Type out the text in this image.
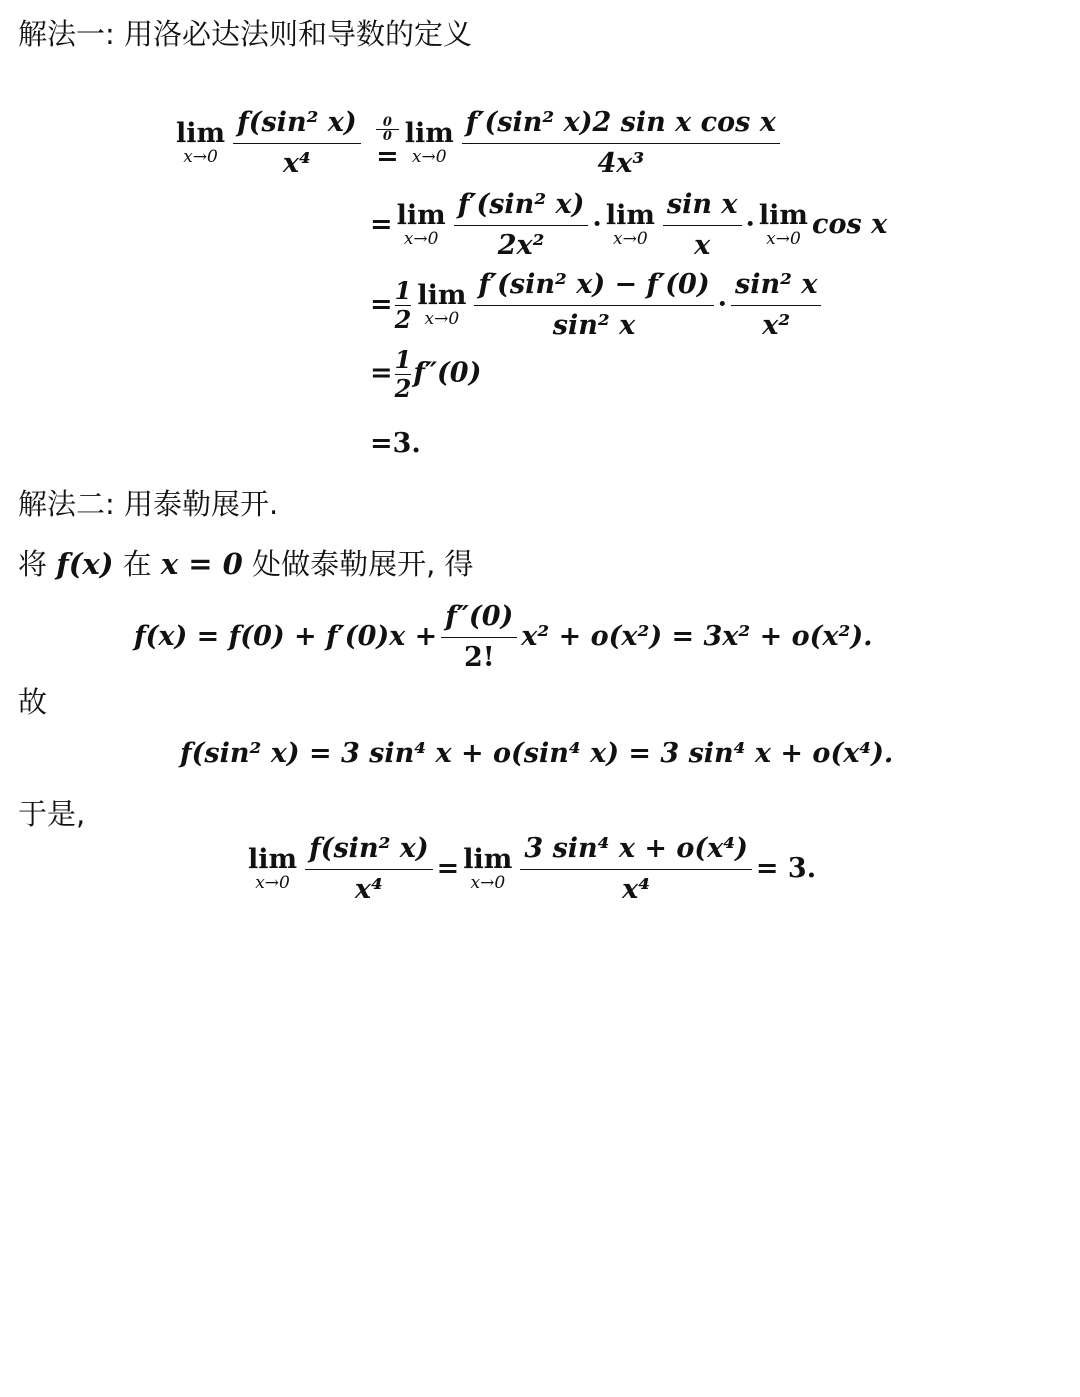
解法一: 用洛必达法则和导数的定义
lim
$x\to 0 \frac{\text{f(sin² x)}}{\text{x⁴}}$
	0
0
=
lim
$x\to 0 \frac{\text{f′(sin² x)2 sin x cos x}}{\text{4x³}}$
= lim
$x\to 0 \frac{\text{f′(sin² x)}}{\text{2x²}} \cdot \lim$
$x\to 0 \frac{\text{sin x}}{x} \cdot \lim$
x→0 cos x
= $\frac{1}{2}$ lim
$x\to 0 \frac{\text{f′(sin² x) − f′(0)}}{\text{sin² x}} \cdot \frac{\text{sin² x}}{\text{x²}}$
= $\frac{1}{2} f''(0)$
=3.
解法二: 用泰勒展开.
将 f(x) 在 x = 0 处做泰勒展开, 得
$f(x) = f(0) + f'(0)x + \frac{f''(0)}{2!} x^2 + o(x^2) = 3x^2 + o(x^2)$.
故
f(sin² x) = 3 sin⁴ x + o(sin⁴ x) = 3 sin⁴ x + o(x⁴).
于是,
lim
$x\to 0 \frac{\text{f(sin² x)}}{\text{x⁴}} = \lim$
$x\to 0 \frac{\text{3 sin⁴ x + o(x⁴)}}{\text{x⁴}} = 3$.
